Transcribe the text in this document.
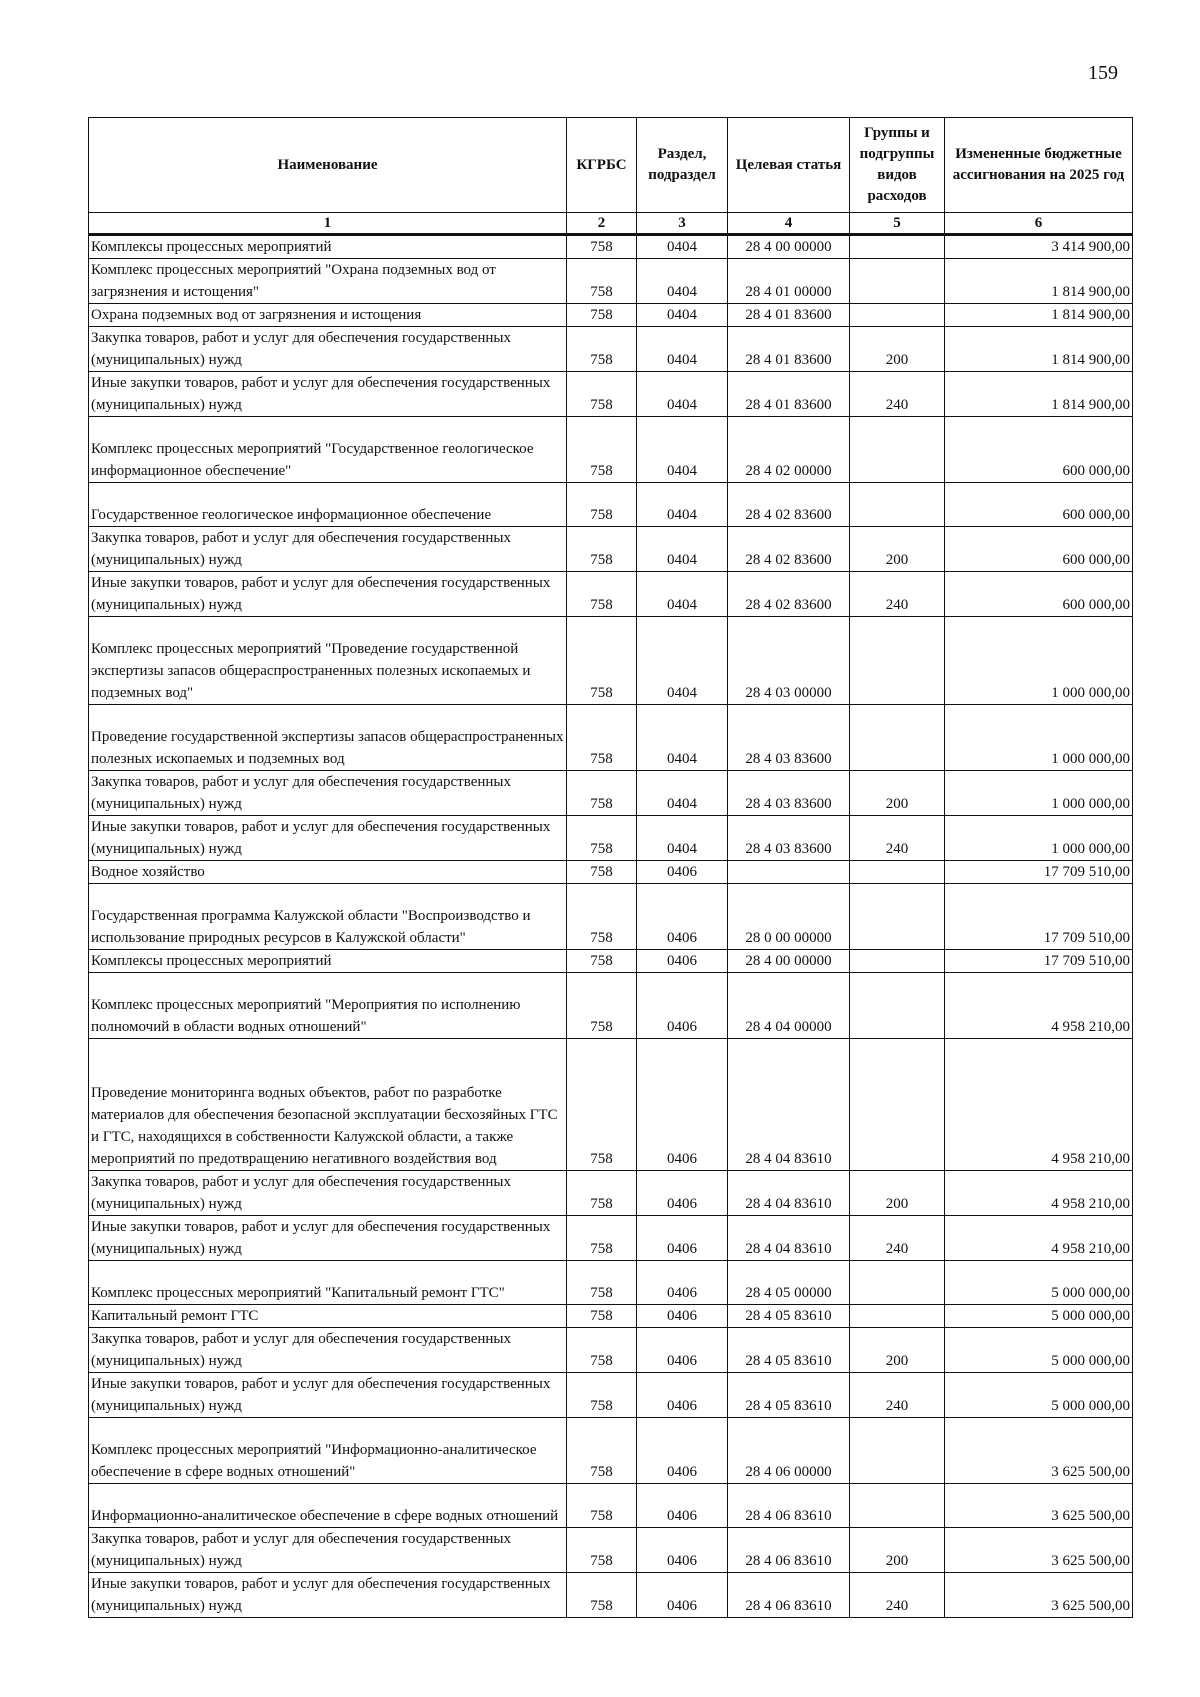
159
Наименование	КГРБС	Раздел, подраздел	Целевая статья	Группы и подгруппы видов расходов	Измененные бюджетные ассигнования на 2025 год
1	2	3	4	5	6
Комплексы процессных мероприятий	758	0404	28 4 00 00000		3 414 900,00
Комплекс процессных мероприятий "Охрана подземных вод от загрязнения и истощения"	758	0404	28 4 01 00000		1 814 900,00
Охрана подземных вод от загрязнения и истощения	758	0404	28 4 01 83600		1 814 900,00
Закупка товаров, работ и услуг для обеспечения государственных (муниципальных) нужд	758	0404	28 4 01 83600	200	1 814 900,00
Иные закупки товаров, работ и услуг для обеспечения государственных (муниципальных) нужд	758	0404	28 4 01 83600	240	1 814 900,00
Комплекс процессных мероприятий "Государственное геологическое информационное обеспечение"	758	0404	28 4 02 00000		600 000,00
Государственное геологическое информационное обеспечение	758	0404	28 4 02 83600		600 000,00
Закупка товаров, работ и услуг для обеспечения государственных (муниципальных) нужд	758	0404	28 4 02 83600	200	600 000,00
Иные закупки товаров, работ и услуг для обеспечения государственных (муниципальных) нужд	758	0404	28 4 02 83600	240	600 000,00
Комплекс процессных мероприятий "Проведение государственной экспертизы запасов общераспространенных полезных ископаемых и подземных вод"	758	0404	28 4 03 00000		1 000 000,00
Проведение государственной экспертизы запасов общераспространенных полезных ископаемых и подземных вод	758	0404	28 4 03 83600		1 000 000,00
Закупка товаров, работ и услуг для обеспечения государственных (муниципальных) нужд	758	0404	28 4 03 83600	200	1 000 000,00
Иные закупки товаров, работ и услуг для обеспечения государственных (муниципальных) нужд	758	0404	28 4 03 83600	240	1 000 000,00
Водное хозяйство	758	0406			17 709 510,00
Государственная программа Калужской области "Воспроизводство и использование природных ресурсов в Калужской области"	758	0406	28 0 00 00000		17 709 510,00
Комплексы процессных мероприятий	758	0406	28 4 00 00000		17 709 510,00
Комплекс процессных мероприятий "Мероприятия по исполнению полномочий в области водных отношений"	758	0406	28 4 04 00000		4 958 210,00
Проведение мониторинга водных объектов, работ по разработке материалов для обеспечения безопасной эксплуатации бесхозяйных ГТС и ГТС, находящихся в собственности Калужской области, а также мероприятий по предотвращению негативного воздействия вод	758	0406	28 4 04 83610		4 958 210,00
Закупка товаров, работ и услуг для обеспечения государственных (муниципальных) нужд	758	0406	28 4 04 83610	200	4 958 210,00
Иные закупки товаров, работ и услуг для обеспечения государственных (муниципальных) нужд	758	0406	28 4 04 83610	240	4 958 210,00
Комплекс процессных мероприятий "Капитальный ремонт ГТС"	758	0406	28 4 05 00000		5 000 000,00
Капитальный ремонт ГТС	758	0406	28 4 05 83610		5 000 000,00
Закупка товаров, работ и услуг для обеспечения государственных (муниципальных) нужд	758	0406	28 4 05 83610	200	5 000 000,00
Иные закупки товаров, работ и услуг для обеспечения государственных (муниципальных) нужд	758	0406	28 4 05 83610	240	5 000 000,00
Комплекс процессных мероприятий "Информационно-аналитическое обеспечение в сфере водных отношений"	758	0406	28 4 06 00000		3 625 500,00
Информационно-аналитическое обеспечение в сфере водных отношений	758	0406	28 4 06 83610		3 625 500,00
Закупка товаров, работ и услуг для обеспечения государственных (муниципальных) нужд	758	0406	28 4 06 83610	200	3 625 500,00
Иные закупки товаров, работ и услуг для обеспечения государственных (муниципальных) нужд	758	0406	28 4 06 83610	240	3 625 500,00
